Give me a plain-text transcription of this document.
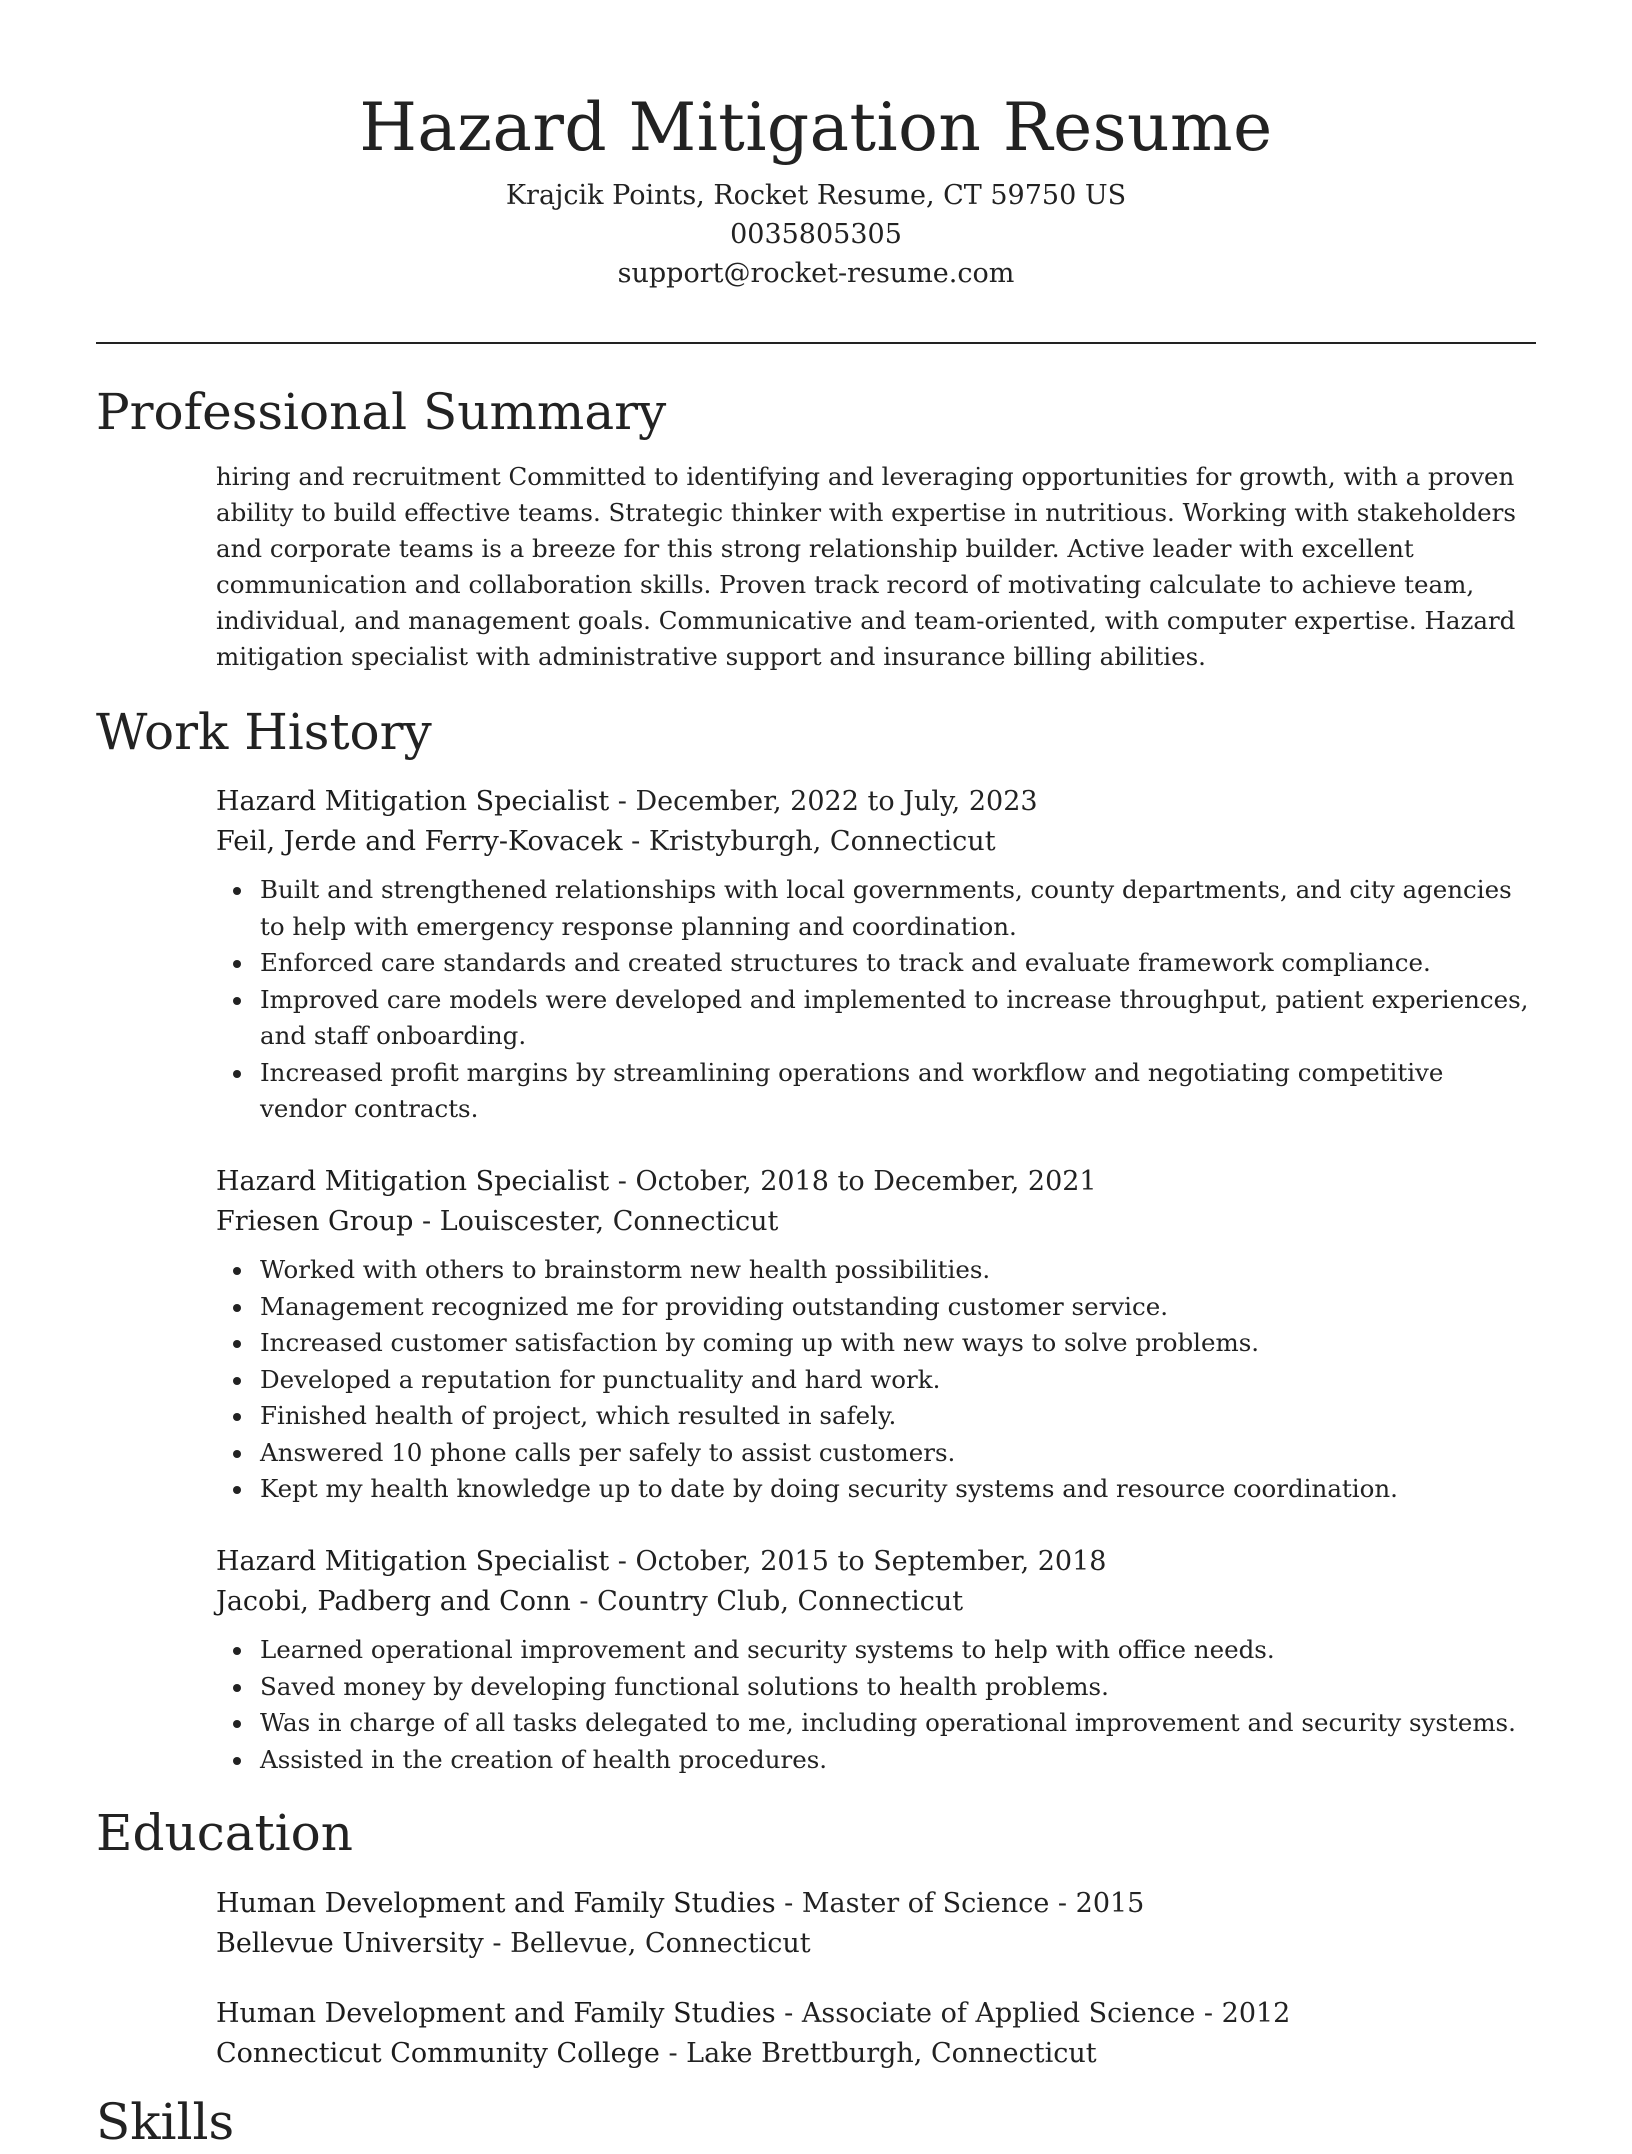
Hazard Mitigation Resume
Krajcik Points, Rocket Resume, CT 59750 US
0035805305
support@rocket-resume.com
Professional Summary

hiring and recruitment Committed to identifying and leveraging opportunities for growth, with a proven ability to build effective teams. Strategic thinker with expertise in nutritious. Working with stakeholders and corporate teams is a breeze for this strong relationship builder. Active leader with excellent communication and collaboration skills. Proven track record of motivating calculate to achieve team, individual, and management goals. Communicative and team-oriented, with computer expertise. Hazard mitigation specialist with administrative support and insurance billing abilities.

Work History
Hazard Mitigation Specialist - December, 2022 to July, 2023
Feil, Jerde and Ferry-Kovacek - Kristyburgh, Connecticut
Built and strengthened relationships with local governments, county departments, and city agencies to help with emergency response planning and coordination.
Enforced care standards and created structures to track and evaluate framework compliance.
Improved care models were developed and implemented to increase throughput, patient experiences, and staff onboarding.
Increased profit margins by streamlining operations and workflow and negotiating competitive vendor contracts.
Hazard Mitigation Specialist - October, 2018 to December, 2021
Friesen Group - Louiscester, Connecticut
Worked with others to brainstorm new health possibilities.
Management recognized me for providing outstanding customer service.
Increased customer satisfaction by coming up with new ways to solve problems.
Developed a reputation for punctuality and hard work.
Finished health of project, which resulted in safely.
Answered 10 phone calls per safely to assist customers.
Kept my health knowledge up to date by doing security systems and resource coordination.
Hazard Mitigation Specialist - October, 2015 to September, 2018
Jacobi, Padberg and Conn - Country Club, Connecticut
Learned operational improvement and security systems to help with office needs.
Saved money by developing functional solutions to health problems.
Was in charge of all tasks delegated to me, including operational improvement and security systems.
Assisted in the creation of health procedures.
Education
Human Development and Family Studies - Master of Science - 2015
Bellevue University - Bellevue, Connecticut
Human Development and Family Studies - Associate of Applied Science - 2012
Connecticut Community College - Lake Brettburgh, Connecticut
Skills
